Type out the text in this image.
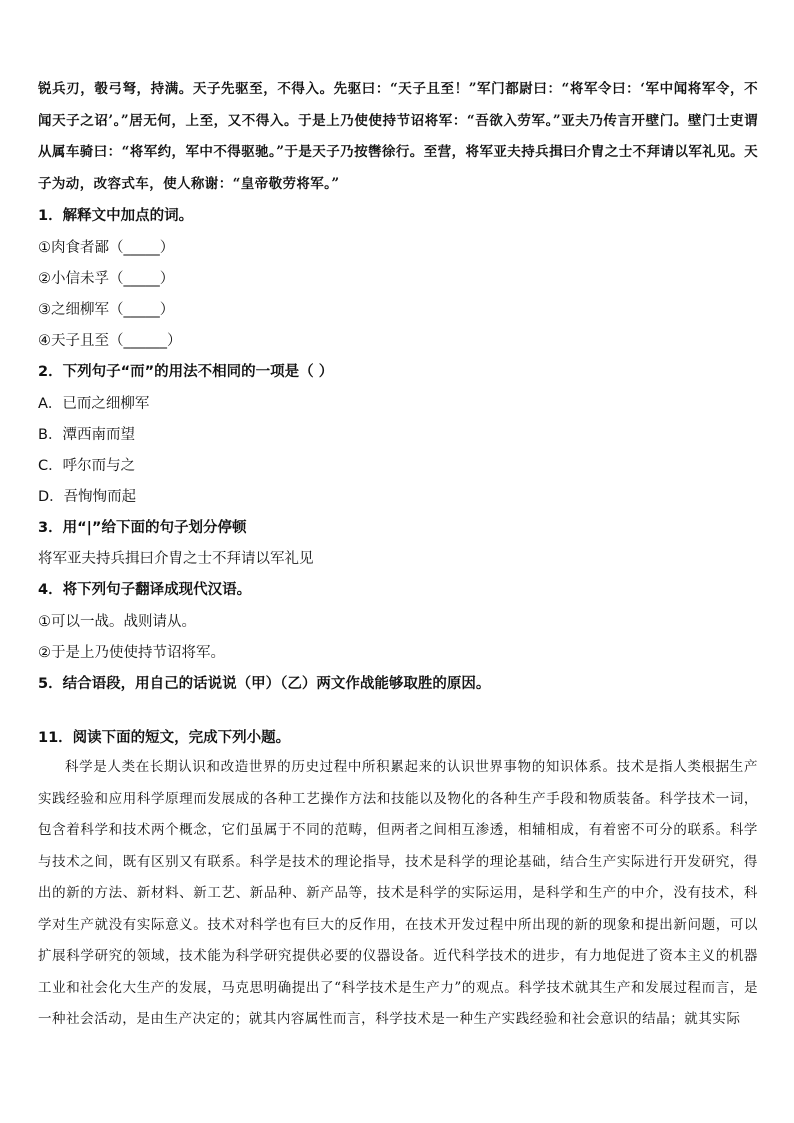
锐兵刃，彀弓弩，持满。天子先驱至，不得入。先驱曰：“天子且至！”军门都尉曰：“将军令曰：‘军中闻将军令，不闻天子之诏’。”居无何，上至，又不得入。于是上乃使使持节诏将军：“吾欲入劳军。”亚夫乃传言开壁门。壁门士吏谓从属车骑曰：“将军约，军中不得驱驰。”于是天子乃按辔徐行。至营，将军亚夫持兵揖曰介胄之士不拜请以军礼见。天子为动，改容式车，使人称谢：“皇帝敬劳将军。”
1．解释文中加点的词。
①肉食者鄙（_____）
②小信未孚（_____）
③之细柳军（_____）
④天子且至（______）
2．下列句子“而”的用法不相同的一项是（ ）
A．已而之细柳军
B．潭西南而望
C．呼尔而与之
D．吾恂恂而起
3．用“|”给下面的句子划分停顿
将军亚夫持兵揖曰介胄之士不拜请以军礼见
4．将下列句子翻译成现代汉语。
①可以一战。战则请从。
②于是上乃使使持节诏将军。
5．结合语段，用自己的话说说（甲）（乙）两文作战能够取胜的原因。
11．阅读下面的短文，完成下列小题。
科学是人类在长期认识和改造世界的历史过程中所积累起来的认识世界事物的知识体系。技术是指人类根据生产实践经验和应用科学原理而发展成的各种工艺操作方法和技能以及物化的各种生产手段和物质装备。科学技术一词，包含着科学和技术两个概念，它们虽属于不同的范畴，但两者之间相互渗透，相辅相成，有着密不可分的联系。科学与技术之间，既有区别又有联系。科学是技术的理论指导，技术是科学的理论基础，结合生产实际进行开发研究，得出的新的方法、新材料、新工艺、新品种、新产品等，技术是科学的实际运用，是科学和生产的中介，没有技术，科学对生产就没有实际意义。技术对科学也有巨大的反作用，在技术开发过程中所出现的新的现象和提出新问题，可以扩展科学研究的领域，技术能为科学研究提供必要的仪器设备。近代科学技术的进步，有力地促进了资本主义的机器工业和社会化大生产的发展，马克思明确提出了“科学技术是生产力”的观点。科学技术就其生产和发展过程而言，是一种社会活动，是由生产决定的；就其内容属性而言，科学技术是一种生产实践经验和社会意识的结晶；就其实际
